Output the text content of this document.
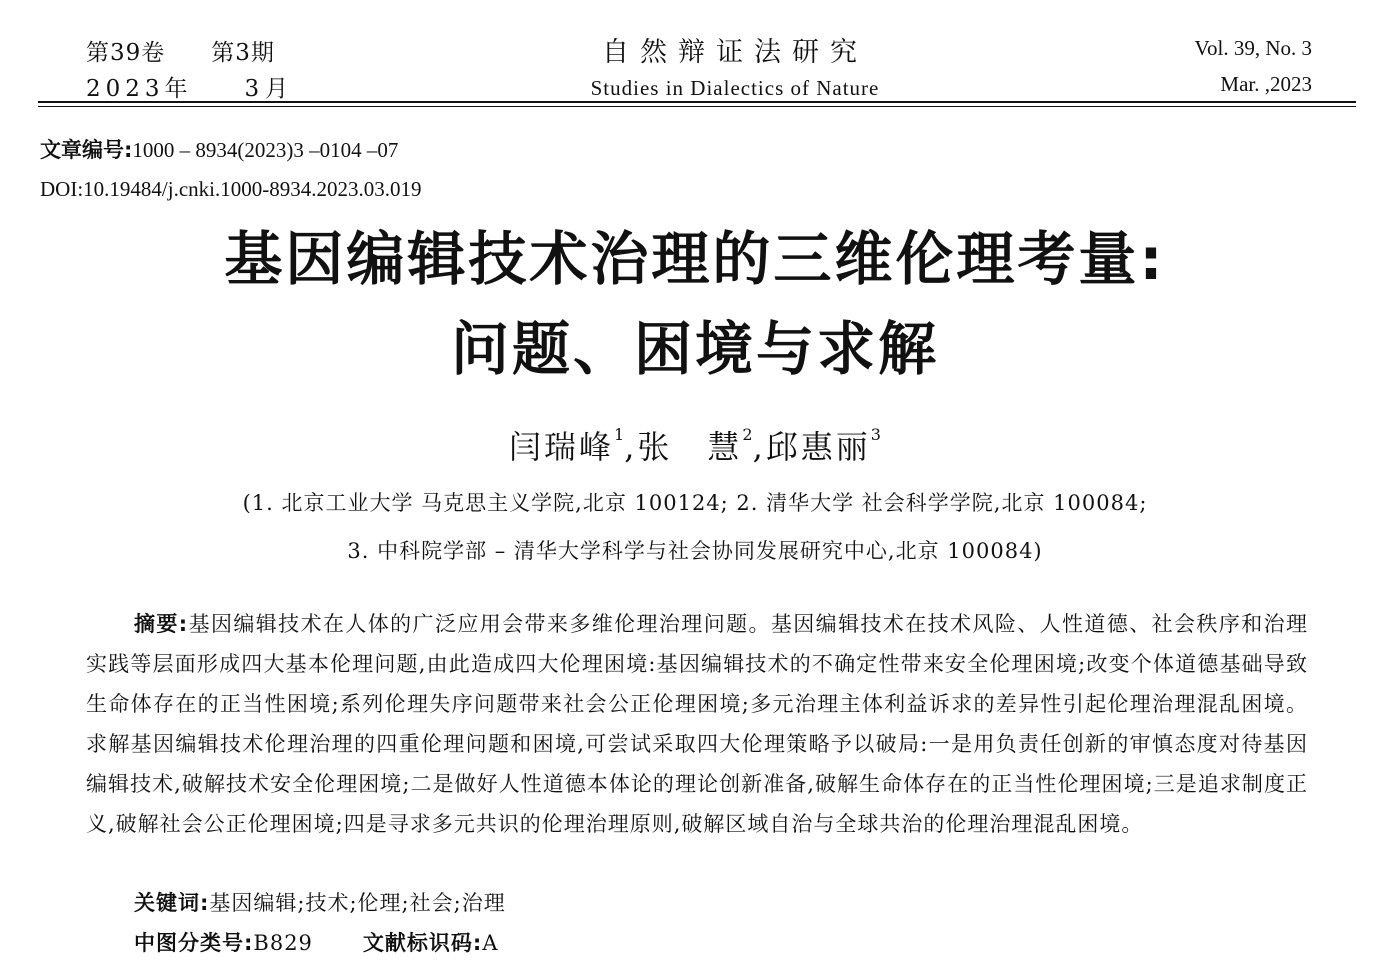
第39卷 第3期
2023年 3月
自然辩证法研究
Studies in Dialectics of Nature
Vol. 39, No. 3
Mar. ,2023
文章编号:1000 – 8934(2023)3 –0104 –07
DOI:10.19484/j.cnki.1000-8934.2023.03.019
基因编辑技术治理的三维伦理考量:
问题、困境与求解
闫瑞峰$^1$,张　慧$^2$,邱惠丽$^3$
(1. 北京工业大学 马克思主义学院,北京 100124; 2. 清华大学 社会科学学院,北京 100084;
3. 中科院学部 – 清华大学科学与社会协同发展研究中心,北京 100084)
摘要:基因编辑技术在人体的广泛应用会带来多维伦理治理问题。基因编辑技术在技术风险、人性道德、社会秩序和治理实践等层面形成四大基本伦理问题,由此造成四大伦理困境:基因编辑技术的不确定性带来安全伦理困境;改变个体道德基础导致生命体存在的正当性困境;系列伦理失序问题带来社会公正伦理困境;多元治理主体利益诉求的差异性引起伦理治理混乱困境。求解基因编辑技术伦理治理的四重伦理问题和困境,可尝试采取四大伦理策略予以破局:一是用负责任创新的审慎态度对待基因编辑技术,破解技术安全伦理困境;二是做好人性道德本体论的理论创新准备,破解生命体存在的正当性伦理困境;三是追求制度正义,破解社会公正伦理困境;四是寻求多元共识的伦理治理原则,破解区域自治与全球共治的伦理治理混乱困境。
关键词:基因编辑;技术;伦理;社会;治理
中图分类号:B829 文献标识码:A
